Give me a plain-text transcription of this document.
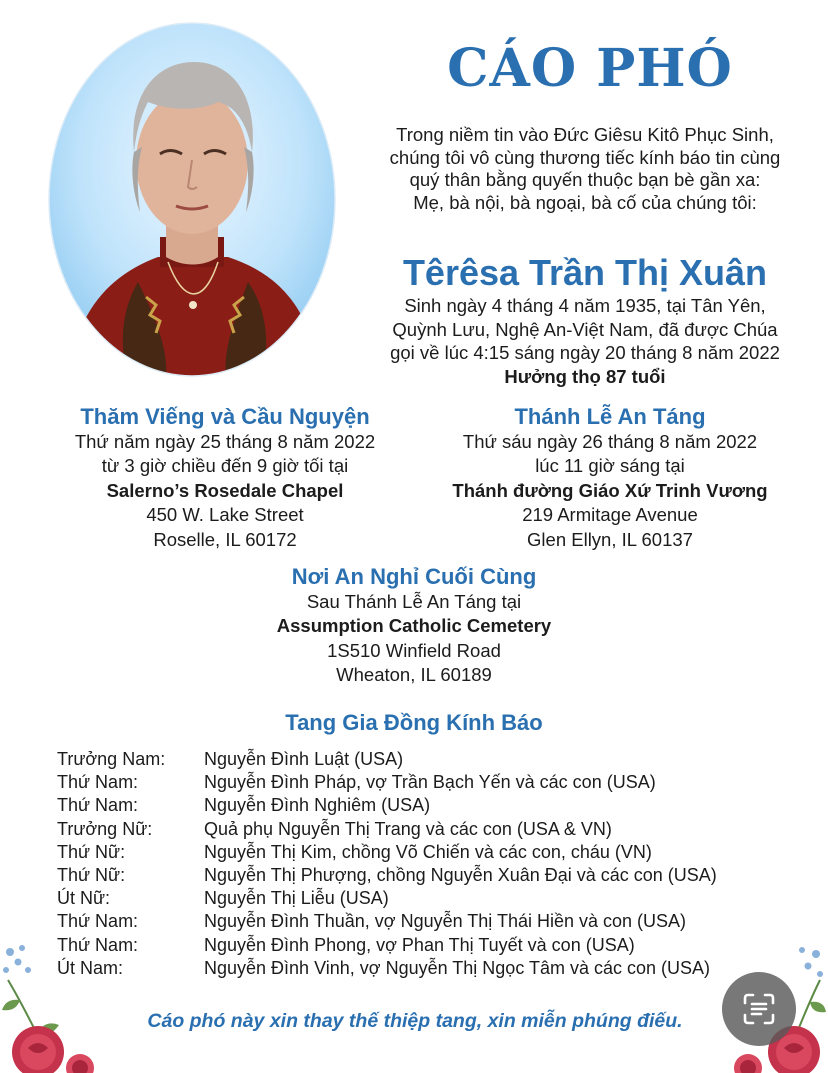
CÁO PHÓ
Trong niềm tin vào Đức Giêsu Kitô Phục Sinh,
chúng tôi vô cùng thương tiếc kính báo tin cùng
quý thân bằng quyến thuộc bạn bè gần xa:
Mẹ, bà nội, bà ngoại, bà cố của chúng tôi:
Têrêsa Trần Thị Xuân
Sinh ngày 4 tháng 4 năm 1935, tại Tân Yên,
Quỳnh Lưu, Nghệ An-Việt Nam, đã được Chúa
gọi về lúc 4:15 sáng ngày 20 tháng 8 năm 2022
Hưởng thọ 87 tuổi
Thăm Viếng và Cầu Nguyện
Thứ năm ngày 25 tháng 8 năm 2022
từ 3 giờ chiều đến 9 giờ tối tại
Salerno’s Rosedale Chapel
450 W. Lake Street
Roselle, IL 60172
Thánh Lễ An Táng
Thứ sáu ngày 26 tháng 8 năm 2022
lúc 11 giờ sáng tại
Thánh đường Giáo Xứ Trinh Vương
219 Armitage Avenue
Glen Ellyn, IL 60137
Nơi An Nghỉ Cuối Cùng
Sau Thánh Lễ An Táng tại
Assumption Catholic Cemetery
1S510 Winfield Road
Wheaton, IL 60189
Tang Gia Đồng Kính Báo
Trưởng Nam:	Nguyễn Đình Luật (USA)
Thứ Nam:	Nguyễn Đình Pháp, vợ Trần Bạch Yến và các con (USA)
Thứ Nam:	Nguyễn Đình Nghiêm (USA)
Trưởng Nữ:	Quả phụ Nguyễn Thị Trang và các con (USA & VN)
Thứ Nữ:	Nguyễn Thị Kim, chồng Võ Chiến và các con, cháu (VN)
Thứ Nữ:	Nguyễn Thị Phượng, chồng Nguyễn Xuân Đại và các con (USA)
Út Nữ:	Nguyễn Thị Liễu (USA)
Thứ Nam:	Nguyễn Đình Thuần, vợ Nguyễn Thị Thái Hiền và con (USA)
Thứ Nam:	Nguyễn Đình Phong, vợ Phan Thị Tuyết và con (USA)
Út Nam:	Nguyễn Đình Vinh, vợ Nguyễn Thị Ngọc Tâm và các con (USA)
Cáo phó này xin thay thế thiệp tang, xin miễn phúng điếu.
